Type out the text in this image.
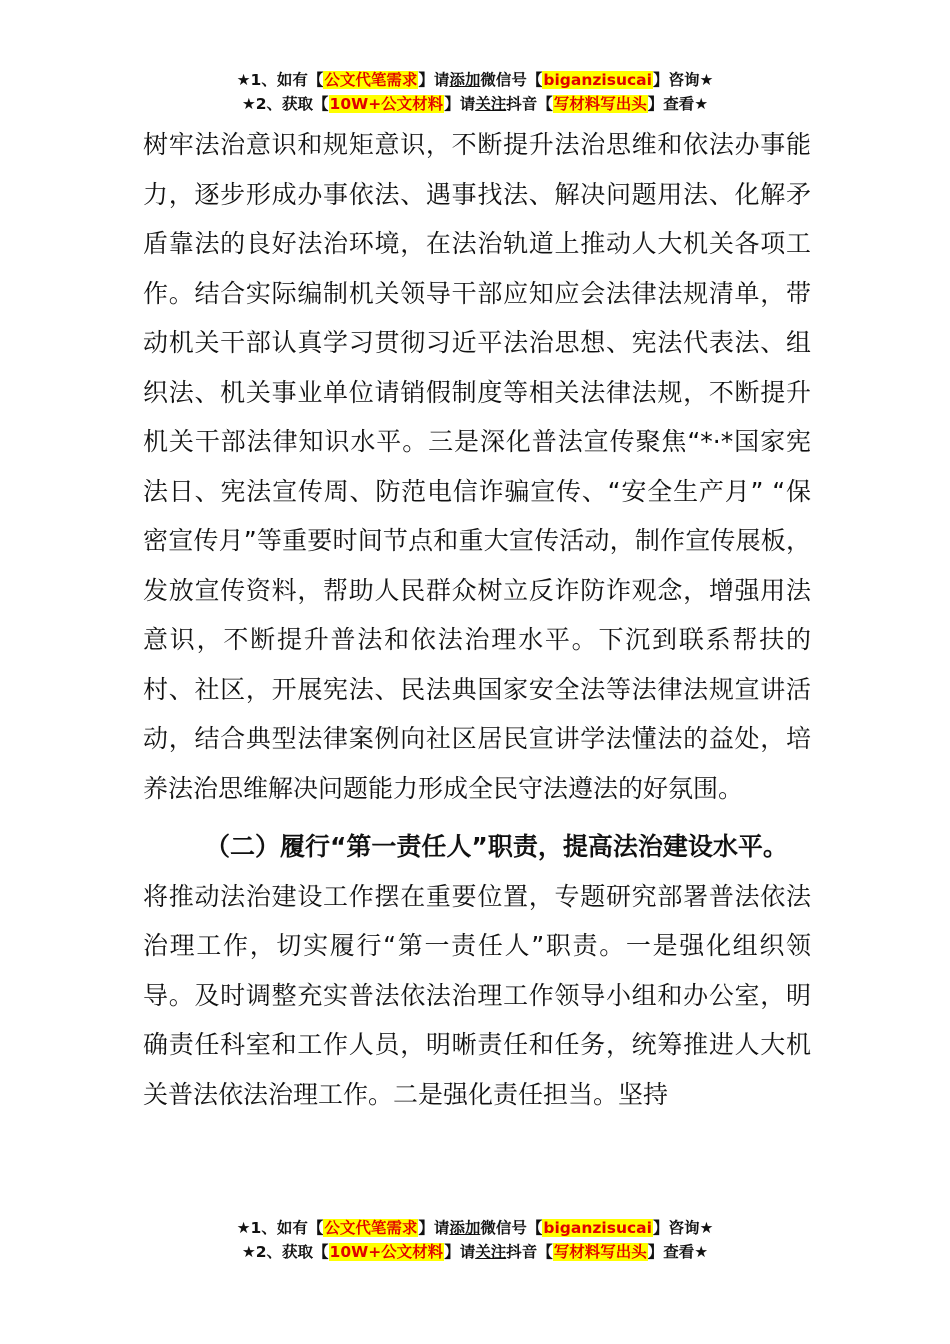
★1、如有【公文代笔需求】请添加微信号【biganzisucai】咨询★
★2、获取【10W+公文材料】请关注抖音【写材料写出头】查看★

树牢法治意识和规矩意识，不断提升法治思维和依法办事能力，逐步形成办事依法、遇事找法、解决问题用法、化解矛盾靠法的良好法治环境，在法治轨道上推动人大机关各项工作。结合实际编制机关领导干部应知应会法律法规清单，带动机关干部认真学习贯彻习近平法治思想、宪法代表法、组织法、机关事业单位请销假制度等相关法律法规，不断提升机关干部法律知识水平。三是深化普法宣传聚焦“*·*国家宪法日、宪法宣传周、防范电信诈骗宣传、“安全生产月” “保密宣传月”等重要时间节点和重大宣传活动，制作宣传展板，发放宣传资料，帮助人民群众树立反诈防诈观念，增强用法意识，不断提升普法和依法治理水平。下沉到联系帮扶的村、社区，开展宪法、民法典国家安全法等法律法规宣讲活动，结合典型法律案例向社区居民宣讲学法懂法的益处，培养法治思维解决问题能力形成全民守法遵法的好氛围。

（二）履行“第一责任人”职责，提高法治建设水平。

将推动法治建设工作摆在重要位置，专题研究部署普法依法治理工作，切实履行“第一责任人”职责。一是强化组织领导。及时调整充实普法依法治理工作领导小组和办公室，明确责任科室和工作人员，明晰责任和任务，统筹推进人大机关普法依法治理工作。二是强化责任担当。坚持

★1、如有【公文代笔需求】请添加微信号【biganzisucai】咨询★
★2、获取【10W+公文材料】请关注抖音【写材料写出头】查看★
